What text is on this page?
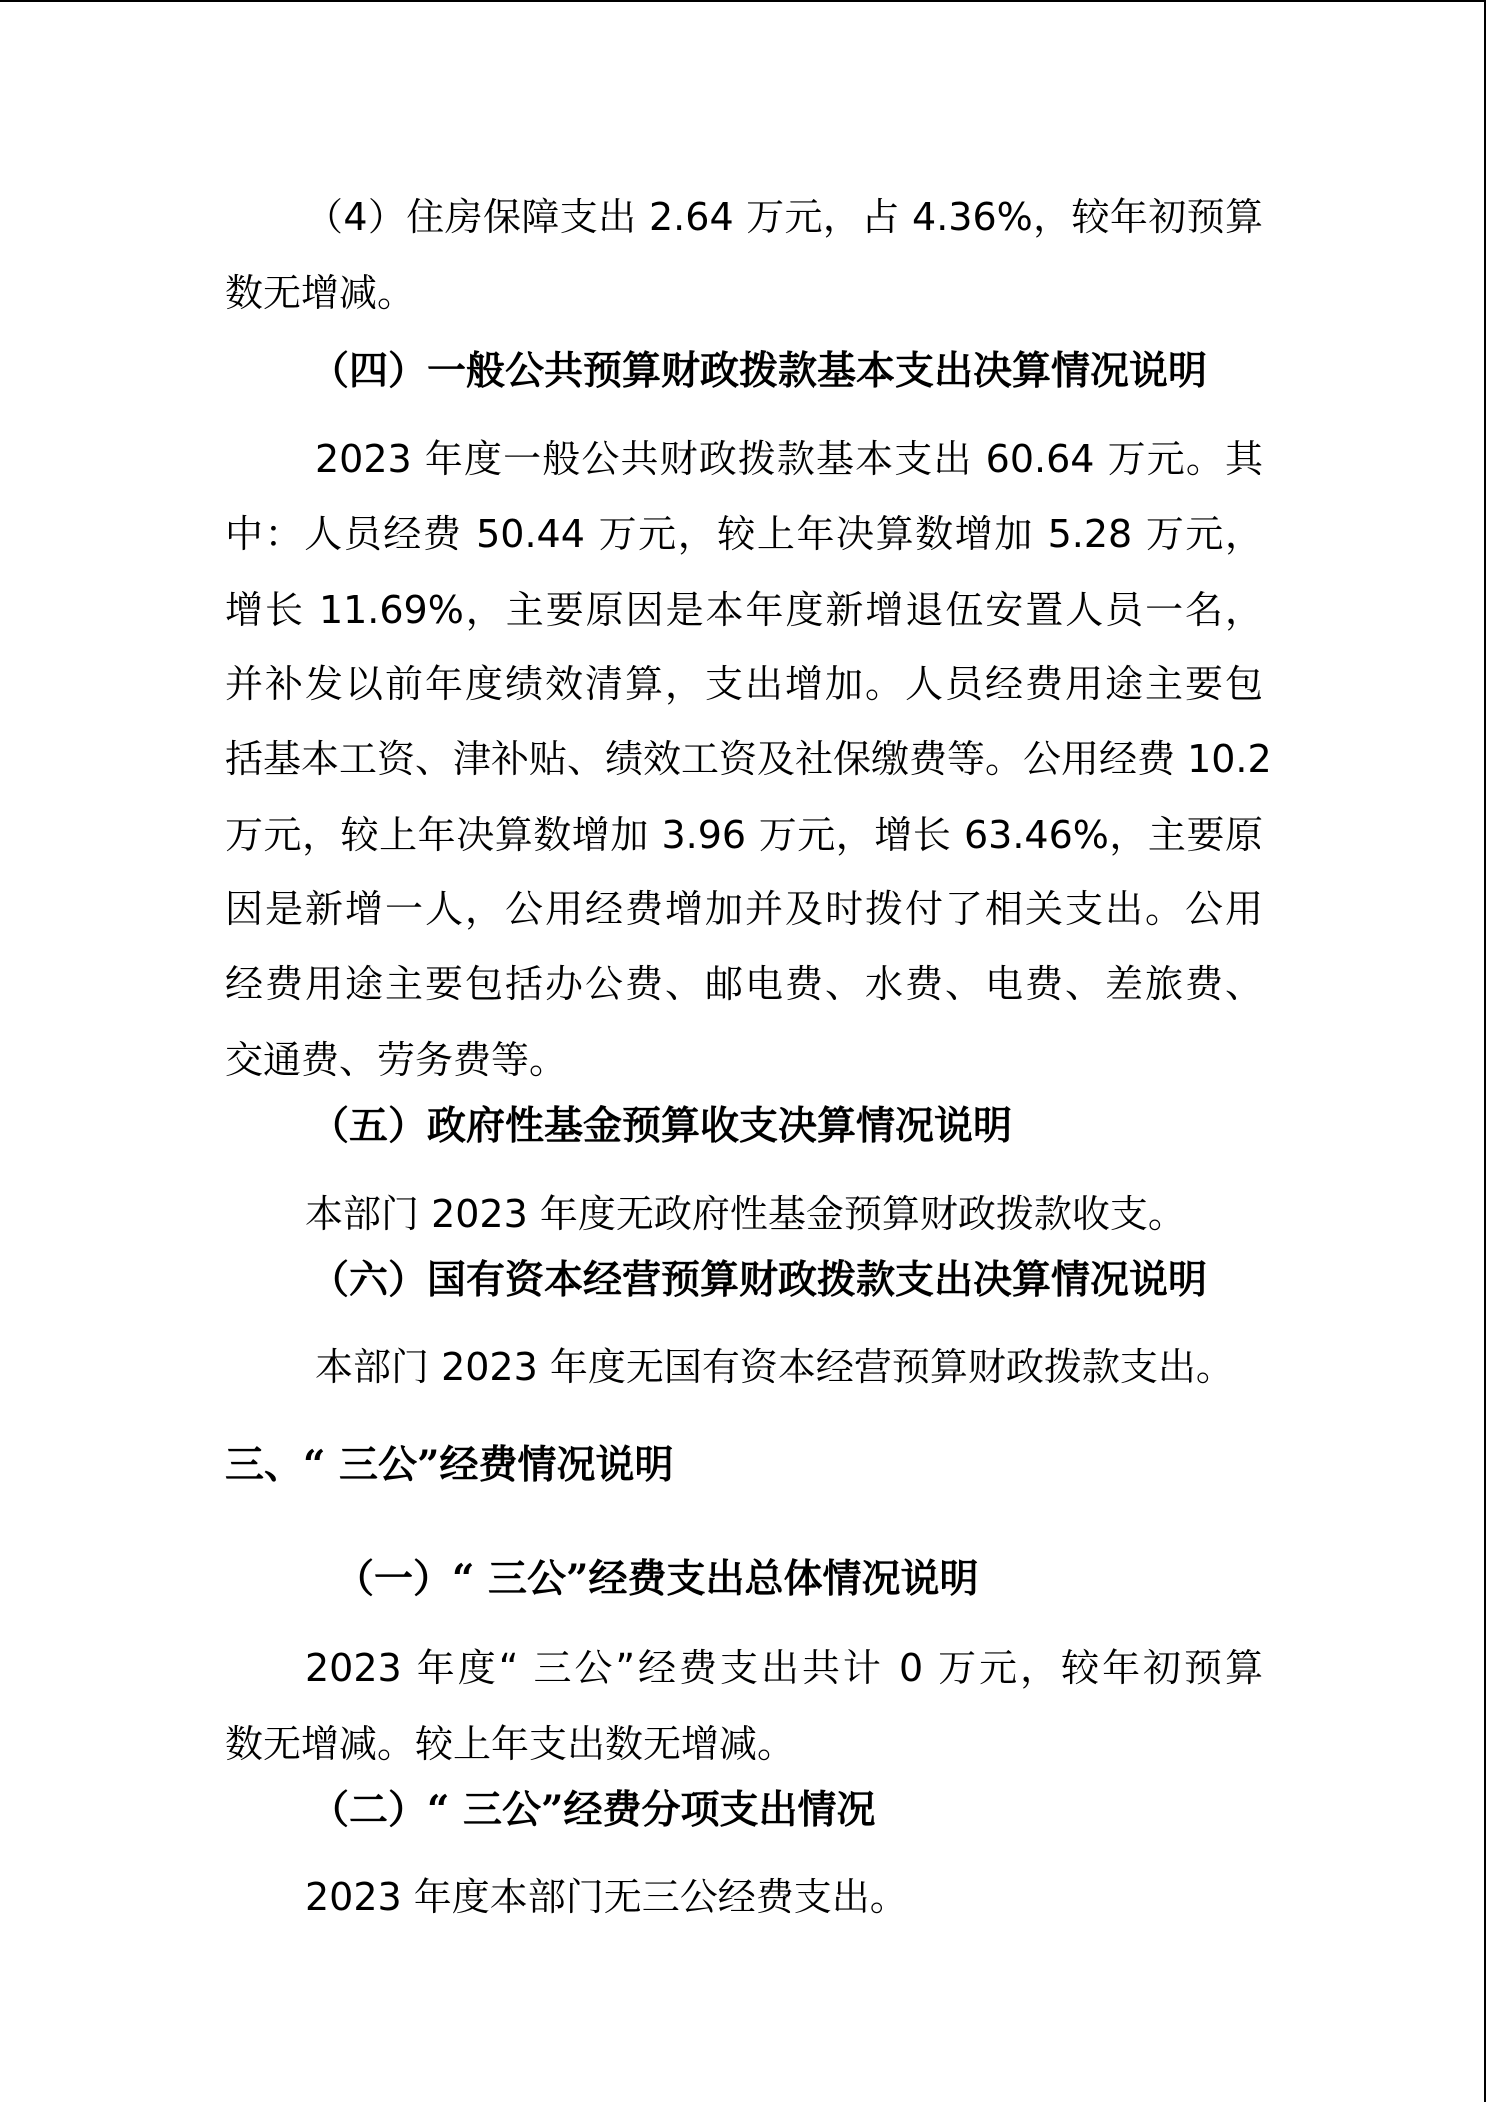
（4）住房保障支出 2.64 万元，占 4.36%，较年初预算

数无增减。

（四）一般公共预算财政拨款基本支出决算情况说明

2023 年度一般公共财政拨款基本支出 60.64 万元。其

中：人员经费 50.44 万元，较上年决算数增加 5.28 万元，

增长 11.69%，主要原因是本年度新增退伍安置人员一名，

并补发以前年度绩效清算，支出增加。人员经费用途主要包

括基本工资、津补贴、绩效工资及社保缴费等。公用经费 10.2

万元，较上年决算数增加 3.96 万元，增长 63.46%，主要原

因是新增一人，公用经费增加并及时拨付了相关支出。公用

经费用途主要包括办公费、邮电费、水费、电费、差旅费、

交通费、劳务费等。

（五）政府性基金预算收支决算情况说明

本部门 2023 年度无政府性基金预算财政拨款收支。

（六）国有资本经营预算财政拨款支出决算情况说明

本部门 2023 年度无国有资本经营预算财政拨款支出。

三、“ 三公”经费情况说明
（一）“ 三公”经费支出总体情况说明

2023 年度“ 三公”经费支出共计 0 万元，较年初预算

数无增减。较上年支出数无增减。

（二）“ 三公”经费分项支出情况

2023 年度本部门无三公经费支出。
